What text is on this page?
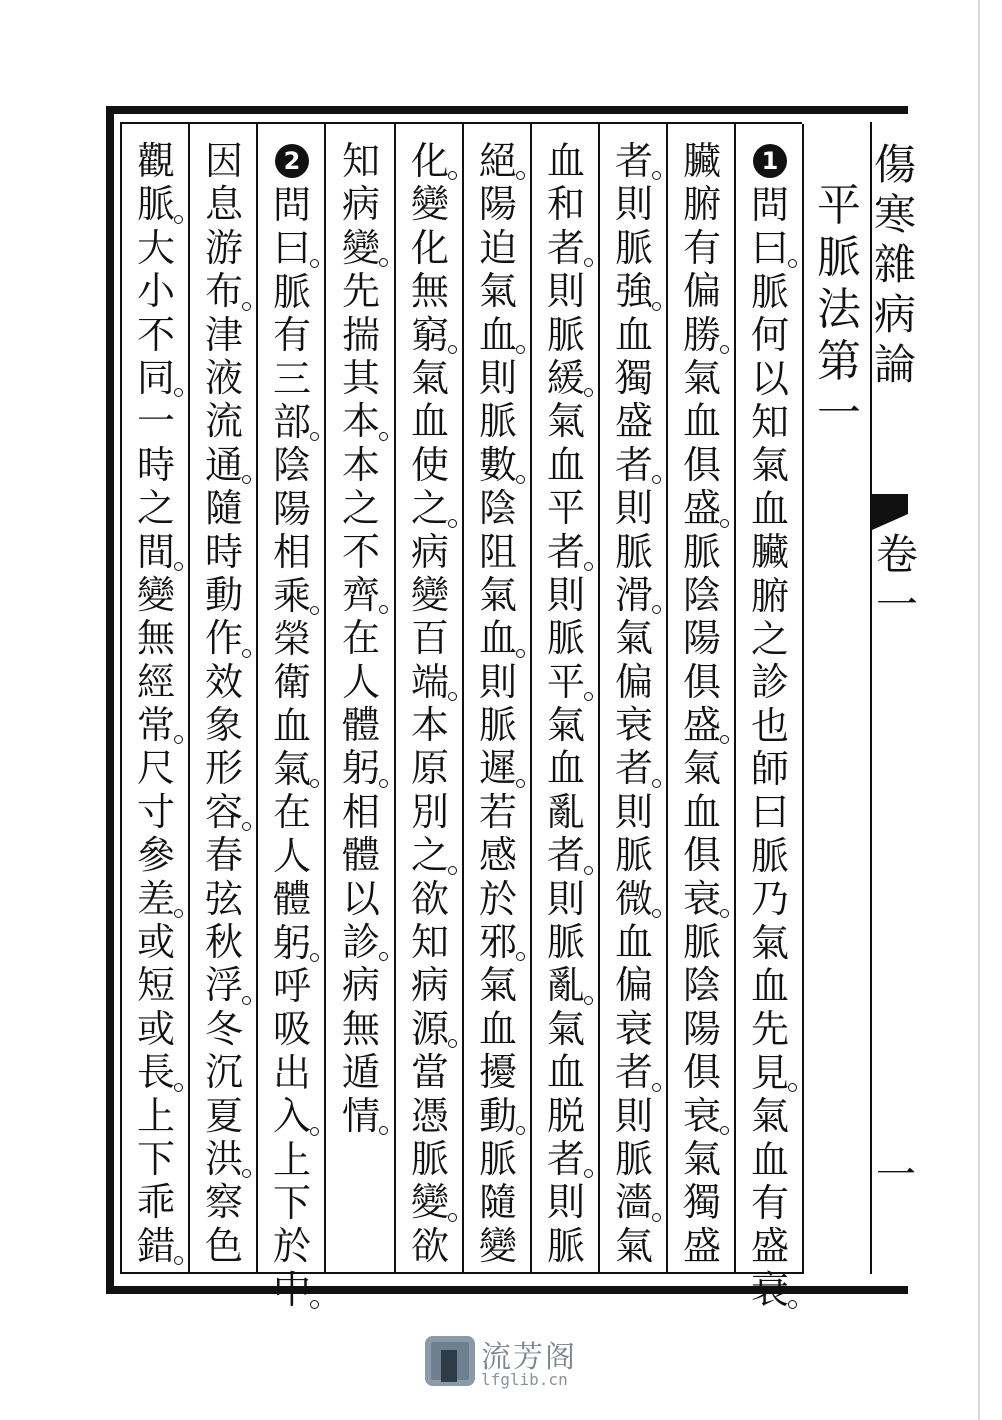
平
脈
法
第
一
傷
寒
雜
病
論
卷
一
一
1
問
曰
脈
何
以
知
氣
血
臟
腑
之
診
也
師
曰
脈
乃
氣
血
先
見
氣
血
有
盛
衰
臟
腑
有
偏
勝
氣
血
俱
盛
脈
陰
陽
俱
盛
氣
血
俱
衰
脈
陰
陽
俱
衰
氣
獨
盛
者
則
脈
強
血
獨
盛
者
則
脈
滑
氣
偏
衰
者
則
脈
微
血
偏
衰
者
則
脈
濇
氣
血
和
者
則
脈
緩
氣
血
平
者
則
脈
平
氣
血
亂
者
則
脈
亂
氣
血
脱
者
則
脈
絕
陽
迫
氣
血
則
脈
數
陰
阻
氣
血
則
脈
遲
若
感
於
邪
氣
血
擾
動
脈
隨
變
化
變
化
無
窮
氣
血
使
之
病
變
百
端
本
原
別
之
欲
知
病
源
當
憑
脈
變
欲
知
病
變
先
揣
其
本
本
之
不
齊
在
人
體
躬
相
體
以
診
病
無
遁
情
2
問
曰
脈
有
三
部
陰
陽
相
乘
榮
衛
血
氣
在
人
體
躬
呼
吸
出
入
上
下
於
中
因
息
游
布
津
液
流
通
隨
時
動
作
效
象
形
容
春
弦
秋
浮
冬
沉
夏
洪
察
色
觀
脈
大
小
不
同
一
時
之
間
變
無
經
常
尺
寸
參
差
或
短
或
長
上
下
乖
錯
流芳阁
lfglib.cn
